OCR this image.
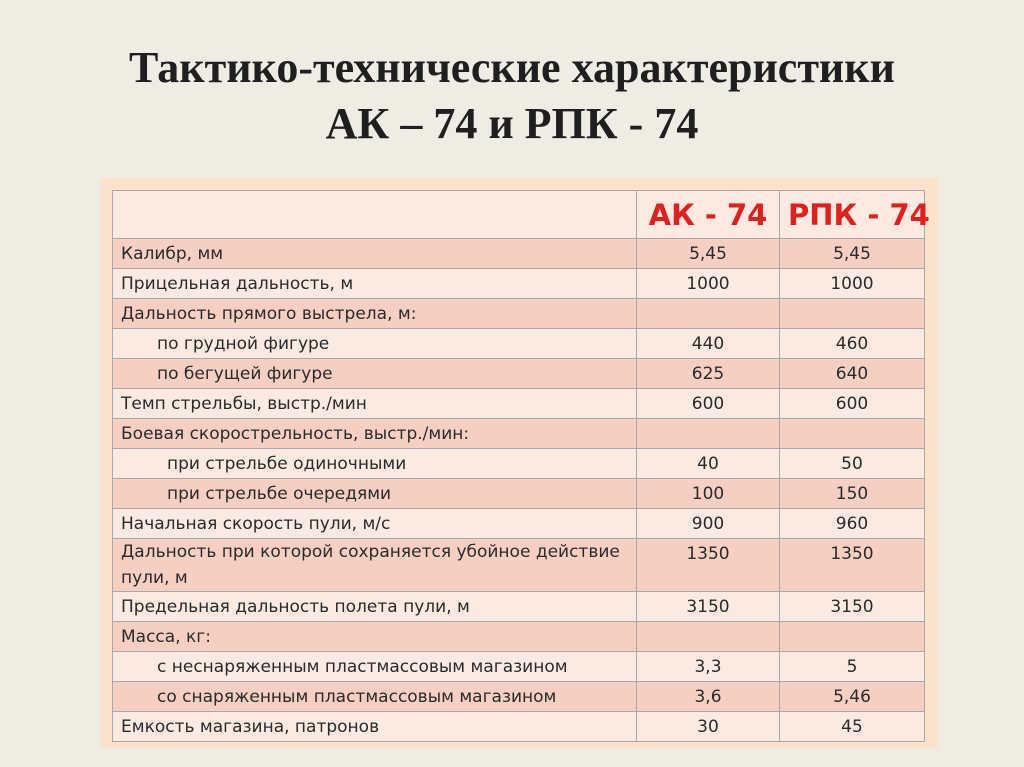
Тактико-технические характеристики
АК – 74 и РПК - 74
	АК - 74	РПК - 74
Калибр, мм	5,45	5,45
Прицельная дальность, м	1000	1000
Дальность прямого выстрела, м:		
по грудной фигуре	440	460
по бегущей фигуре	625	640
Темп стрельбы, выстр./мин	600	600
Боевая скорострельность, выстр./мин:		
при стрельбе одиночными	40	50
при стрельбе очередями	100	150
Начальная скорость пули, м/с	900	960
Дальность при которой сохраняется убойное действие пули, м	1350	1350
Предельная дальность полета пули, м	3150	3150
Масса, кг:		
с неснаряженным пластмассовым магазином	3,3	5
со снаряженным пластмассовым магазином	3,6	5,46
Емкость магазина, патронов	30	45
